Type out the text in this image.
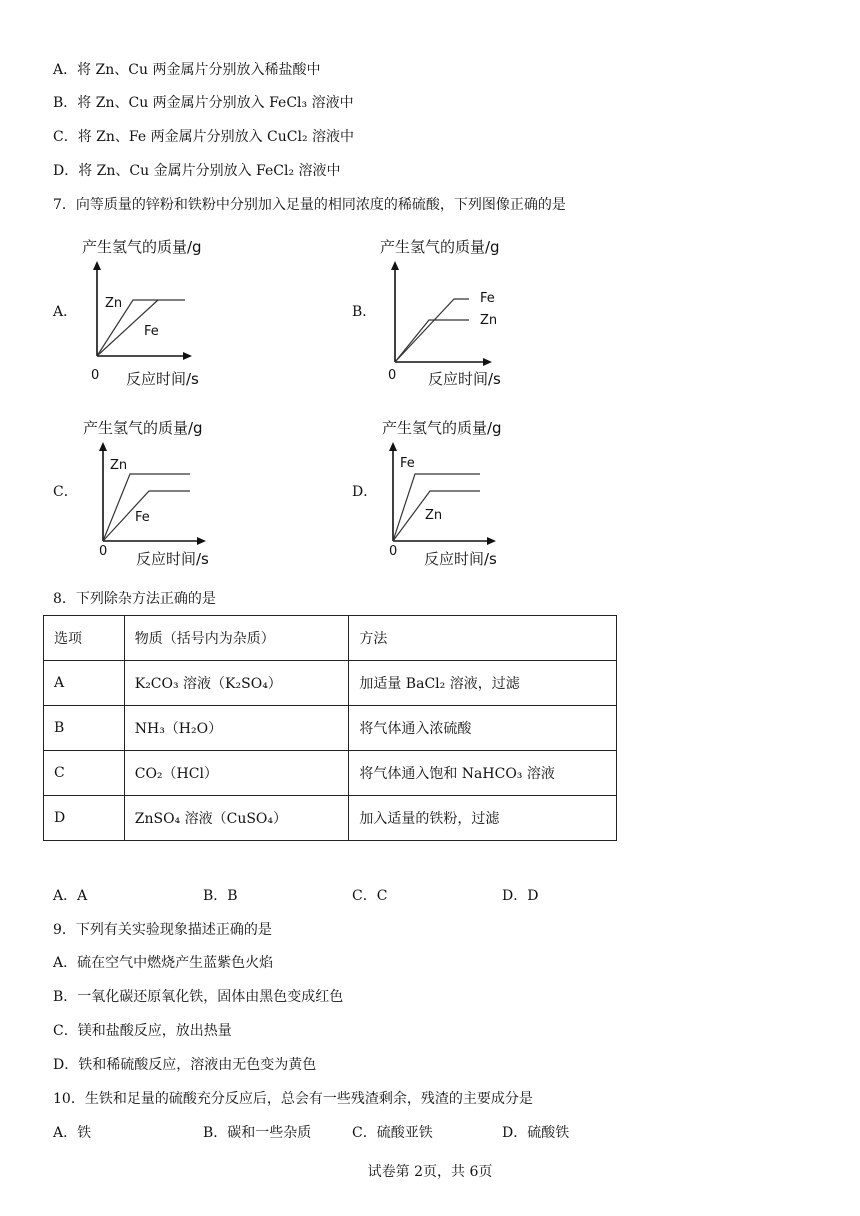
A．将 Zn、Cu 两金属片分别放入稀盐酸中
B．将 Zn、Cu 两金属片分别放入 FeCl₃ 溶液中
C．将 Zn、Fe 两金属片分别放入 CuCl₂ 溶液中
D．将 Zn、Cu 金属片分别放入 FeCl₂ 溶液中
7．向等质量的锌粉和铁粉中分别加入足量的相同浓度的稀硫酸，下列图像正确的是
A．
产生氢气的质量/g
Zn
Fe
0 反应时间/s
B．
产生氢气的质量/g
Fe
Zn
0 反应时间/s
C．
产生氢气的质量/g
Zn
Fe
0 反应时间/s
D．
产生氢气的质量/g
Fe
Zn
0 反应时间/s
8．下列除杂方法正确的是
选项	物质（括号内为杂质）	方法
A	K₂CO₃ 溶液（K₂SO₄）	加适量 BaCl₂ 溶液，过滤
B	NH₃（H₂O）	将气体通入浓硫酸
C	CO₂（HCl）	将气体通入饱和 NaHCO₃ 溶液
D	ZnSO₄ 溶液（CuSO₄）	加入适量的铁粉，过滤
A．A	B．B	C．C	D．D
9．下列有关实验现象描述正确的是
A．硫在空气中燃烧产生蓝紫色火焰
B．一氧化碳还原氧化铁，固体由黑色变成红色
C．镁和盐酸反应，放出热量
D．铁和稀硫酸反应，溶液由无色变为黄色
10．生铁和足量的硫酸充分反应后，总会有一些残渣剩余，残渣的主要成分是
A．铁	B．碳和一些杂质	C．硫酸亚铁	D．硫酸铁
试卷第 2页，共 6页
